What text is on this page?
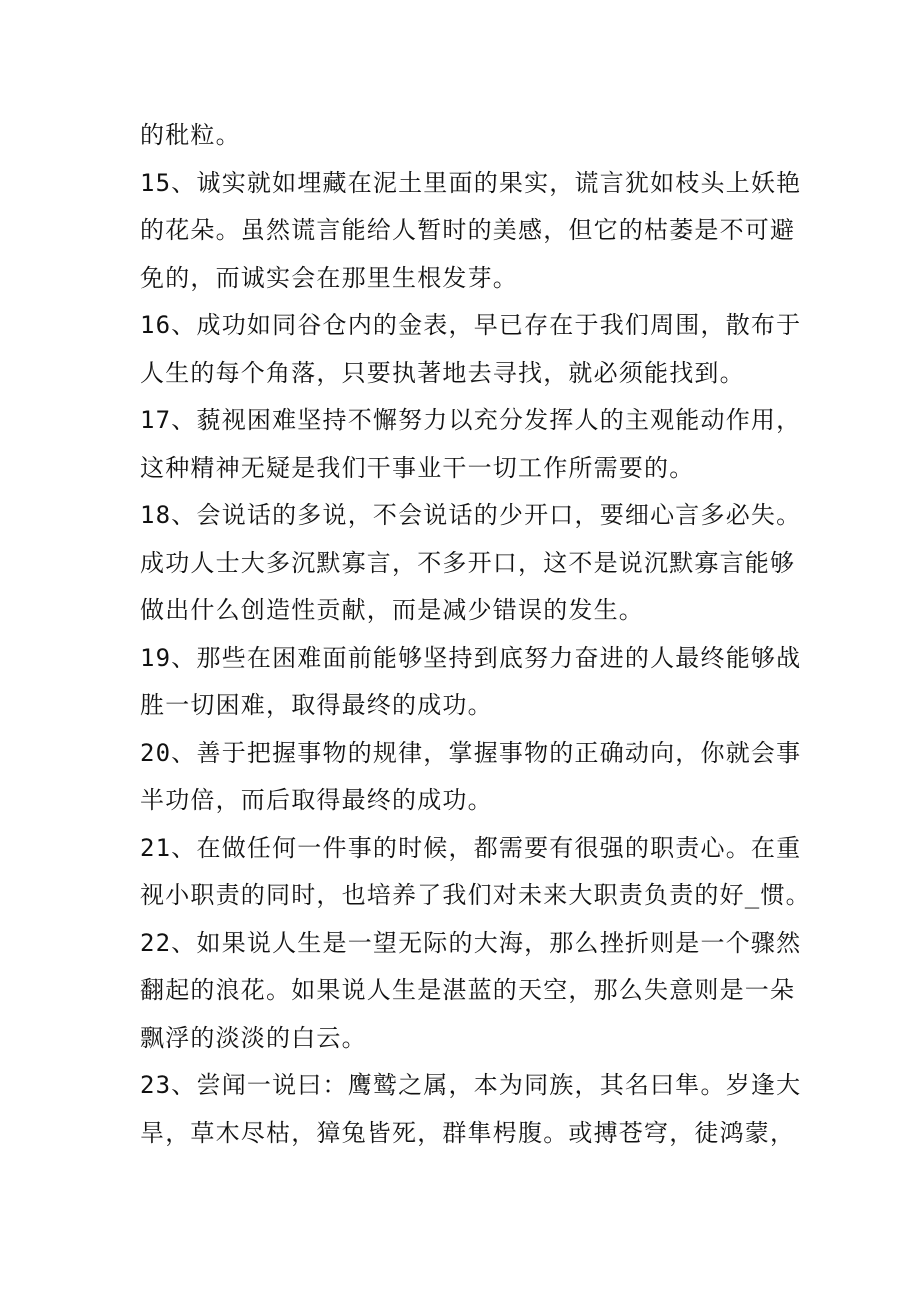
的秕粒。
15、诚实就如埋藏在泥土里面的果实，谎言犹如枝头上妖艳
的花朵。虽然谎言能给人暂时的美感，但它的枯萎是不可避
免的，而诚实会在那里生根发芽。
16、成功如同谷仓内的金表，早已存在于我们周围，散布于
人生的每个角落，只要执著地去寻找，就必须能找到。
17、藐视困难坚持不懈努力以充分发挥人的主观能动作用，
这种精神无疑是我们干事业干一切工作所需要的。
18、会说话的多说，不会说话的少开口，要细心言多必失。
成功人士大多沉默寡言，不多开口，这不是说沉默寡言能够
做出什么创造性贡献，而是减少错误的发生。
19、那些在困难面前能够坚持到底努力奋进的人最终能够战
胜一切困难，取得最终的成功。
20、善于把握事物的规律，掌握事物的正确动向，你就会事
半功倍，而后取得最终的成功。
21、在做任何一件事的时候，都需要有很强的职责心。在重
视小职责的同时，也培养了我们对未来大职责负责的好_惯。
22、如果说人生是一望无际的大海，那么挫折则是一个骤然
翻起的浪花。如果说人生是湛蓝的天空，那么失意则是一朵
飘浮的淡淡的白云。
23、尝闻一说曰：鹰鹫之属，本为同族，其名曰隼。岁逢大
旱，草木尽枯，獐兔皆死，群隼枵腹。或搏苍穹，徒鸿蒙，
